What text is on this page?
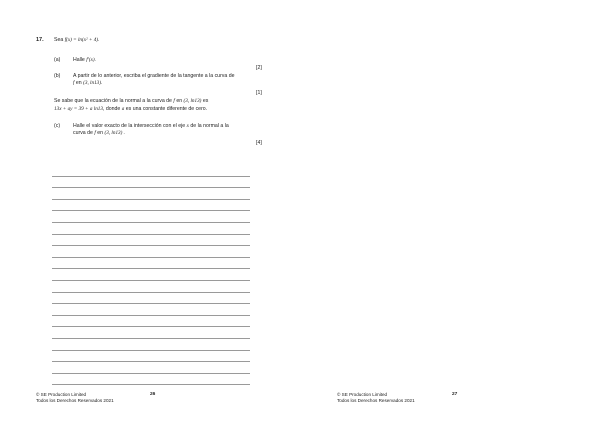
17. Sea f(x) = ln(x² + 4).
(a) Halle f′(x).
[2]
(b) A partir de lo anterior, escriba el gradiente de la tangente a la curva de
f en (3, ln13).
[1]
Se sabe que la ecuación de la normal a la curva de f en (3, ln13) es
13x + ay = 39 + a ln13, donde a es una constante diferente de cero.
(c) Halle el valor exacto de la intersección con el eje x de la normal a la
curva de f en (3, ln13) .
[4]
© SE Production Limited
Todos los Derechos Reservados 2021
26	© SE Production Limited
Todos los Derechos Reservados 2021
27
